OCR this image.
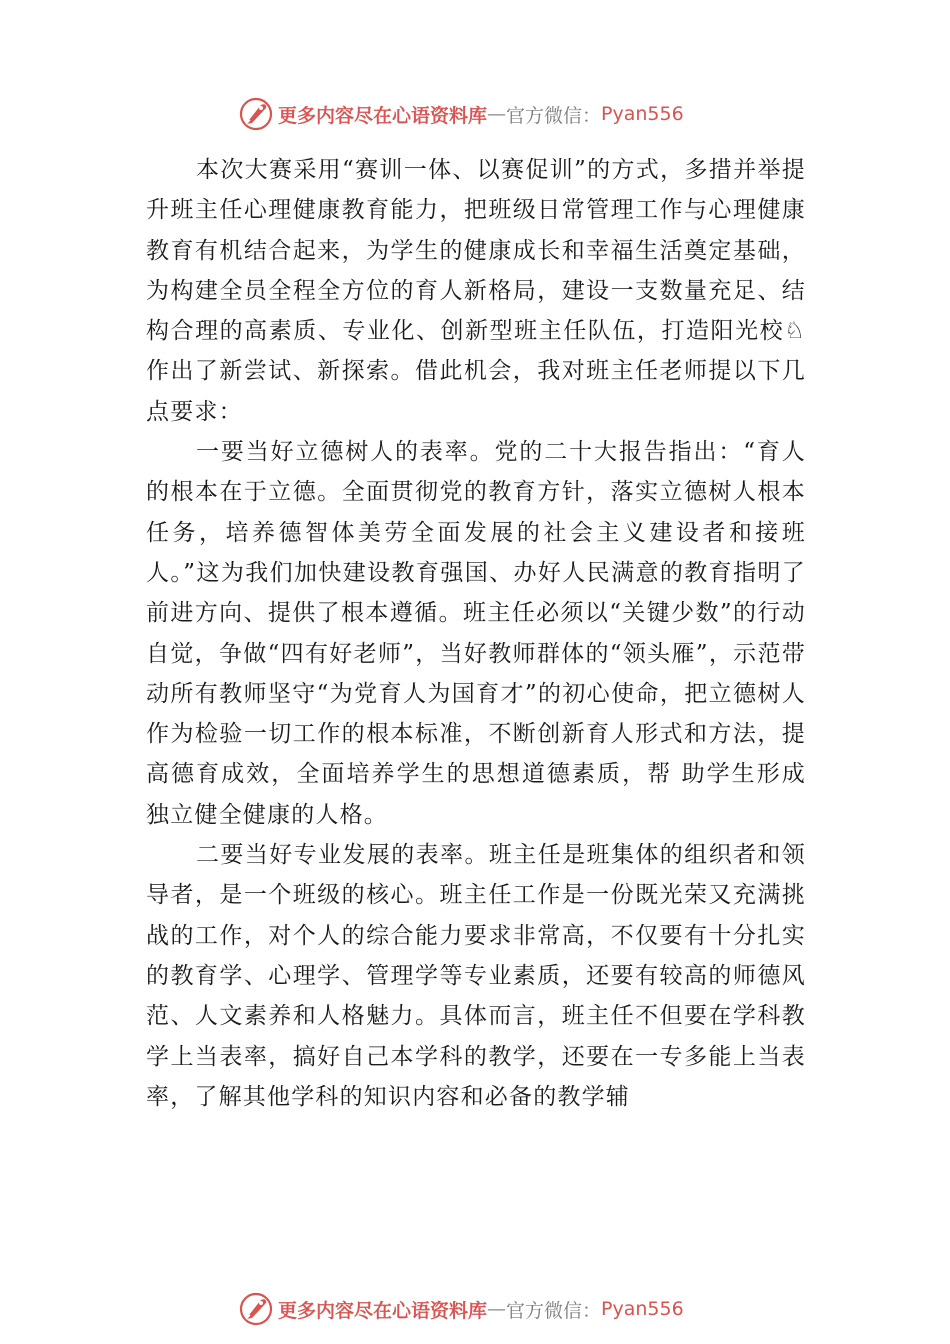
更多内容尽在心语资料库 — 官方微信： Pyan556

本次大赛采用“赛训一体、以赛促训”的方式，多措并举提升班主任心理健康教育能力，把班级日常管理工作与心理健康教育有机结合起来，为学生的健康成长和幸福生活奠定基础，为构建全员全程全方位的育人新格局，建设一支数量充足、结构合理的高素质、专业化、创新型班主任队伍，打造阳光校♘作出了新尝试、新探索。借此机会，我对班主任老师提以下几点要求：

一要当好立德树人的表率。党的二十大报告指出：“育人的根本在于立德。全面贯彻党的教育方针，落实立德树人根本任务，培养德智体美劳全面发展的社会主义建设者和接班人。”这为我们加快建设教育强国、办好人民满意的教育指明了前进方向、提供了根本遵循。班主任必须以“关键少数”的行动自觉，争做“四有好老师”，当好教师群体的“领头雁”，示范带动所有教师坚守“为党育人为国育才”的初心使命，把立德树人作为检验一切工作的根本标准，不断创新育人形式和方法，提高德育成效，全面培养学生的思想道德素质，帮 助学生形成独立健全健康的人格。

二要当好专业发展的表率。班主任是班集体的组织者和领导者，是一个班级的核心。班主任工作是一份既光荣又充满挑战的工作，对个人的综合能力要求非常高，不仅要有十分扎实的教育学、心理学、管理学等专业素质，还要有较高的师德风范、人文素养和人格魅力。具体而言，班主任不但要在学科教学上当表率，搞好自己本学科的教学，还要在一专多能上当表率，了解其他学科的知识内容和必备的教学辅

更多内容尽在心语资料库 — 官方微信： Pyan556
